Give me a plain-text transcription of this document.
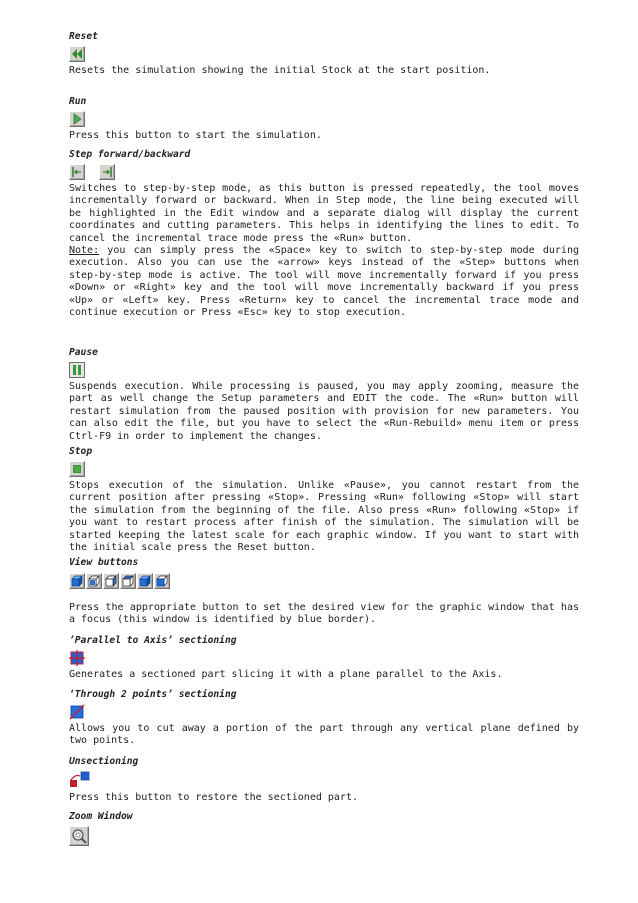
Reset

Resets the simulation showing the initial Stock at the start position.

Run

Press this button to start the simulation.

Step forward/backward

Switches to step-by-step mode, as this button is pressed repeatedly, the tool moves incrementally forward or backward. When in Step mode, the line being executed will be highlighted in the Edit window and a separate dialog will display the current coordinates and cutting parameters. This helps in identifying the lines to edit. To cancel the incremental trace mode press the «Run» button.

Note: you can simply press the «Space» key to switch to step-by-step mode during execution. Also you can use the «arrow» keys instead of the «Step» buttons when step-by-step mode is active. The tool will move incrementally forward if you press «Down» or «Right» key and the tool will move incrementally backward if you press «Up» or «Left» key. Press «Return» key to cancel the incremental trace mode and continue execution or Press «Esc» key to stop execution.

Pause

Suspends execution. While processing is paused, you may apply zooming, measure the part as well change the Setup parameters and EDIT the code. The «Run» button will restart simulation from the paused position with provision for new parameters. You can also edit the file, but you have to select the «Run-Rebuild» menu item or press Ctrl-F9 in order to implement the changes.

Stop

Stops execution of the simulation. Unlike «Pause», you cannot restart from the current position after pressing «Stop». Pressing «Run» following «Stop» will start the simulation from the beginning of the file. Also press «Run» following «Stop» if you want to restart process after finish of the simulation. The simulation will be started keeping the latest scale for each graphic window. If you want to start with the initial scale press the Reset button.

View buttons

Press the appropriate button to set the desired view for the graphic window that has a focus (this window is identified by blue border).

’Parallel to Axis’ sectioning

Generates a sectioned part slicing it with a plane parallel to the Axis.

‘Through 2 points’ sectioning

Allows you to cut away a portion of the part through any vertical plane defined by two points.

Unsectioning

Press this button to restore the sectioned part.

Zoom Window
